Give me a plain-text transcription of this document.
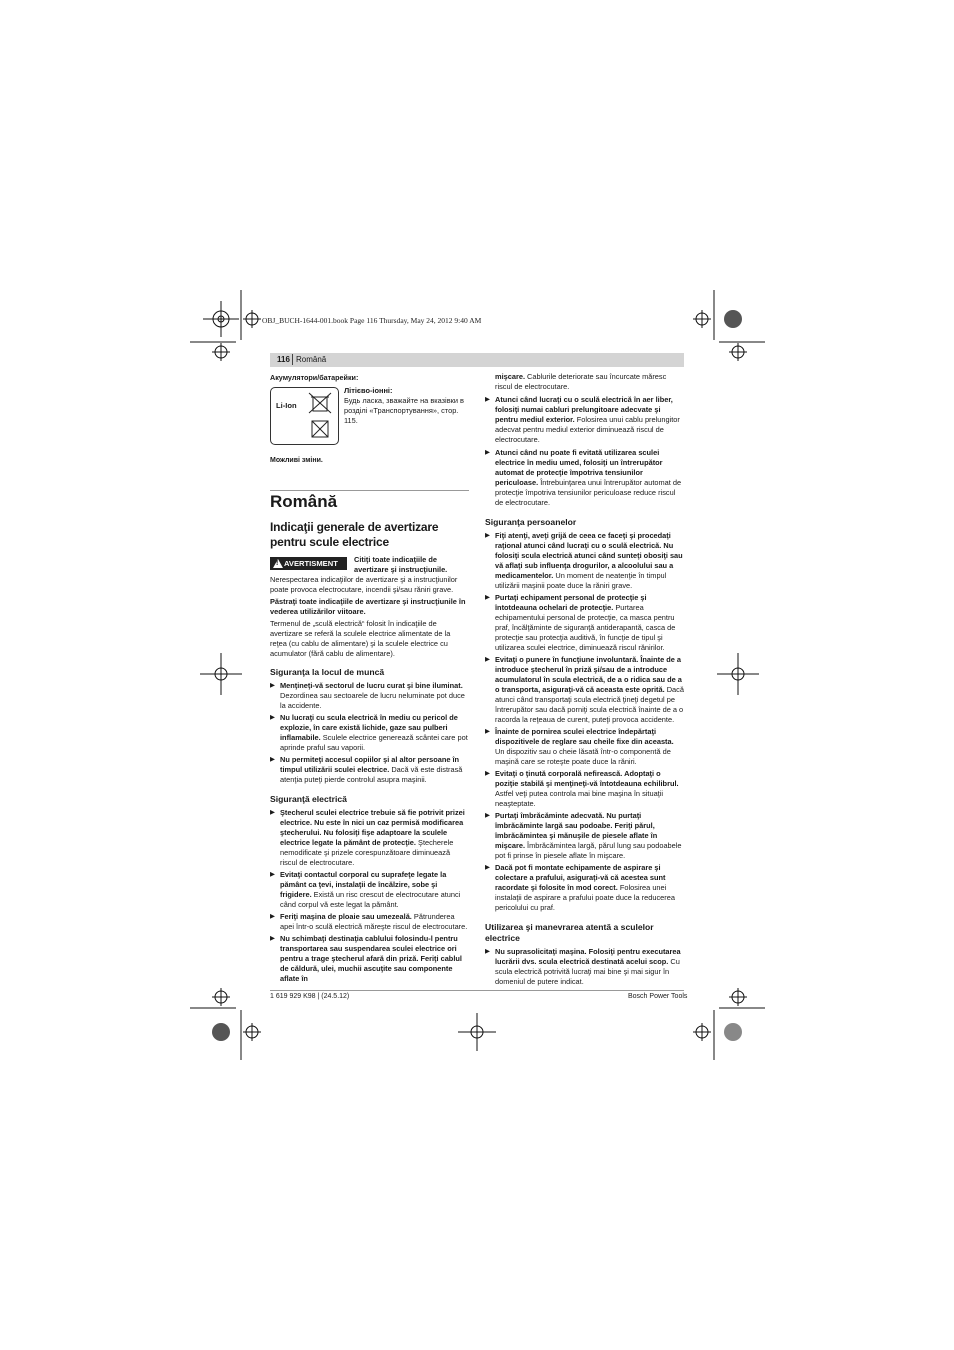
OBJ_BUCH-1644-001.book Page 116 Thursday, May 24, 2012 9:40 AM
116 Română

Акумулятори/батарейки:

Li-Ion

Літієво-іонні:

Будь ласка, зважайте на вказівки в розділі «Транспортування», стор. 115.

Можливі зміни.

Română
Indicaţii generale de avertizare pentru scule electrice
! AVERTISMENT Citiţi toate indicaţiile de avertizare şi instrucţiunile.

Nerespectarea indicaţiilor de avertizare şi a instrucţiunilor poate provoca electrocutare, incendii şi/sau răniri grave.

Păstraţi toate indicaţiile de avertizare şi instrucţiunile în vederea utilizărilor viitoare.

Termenul de „sculă electrică“ folosit în indicaţiile de avertizare se referă la sculele electrice alimentate de la reţea (cu cablu de alimentare) şi la sculele electrice cu acumulator (fără cablu de alimentare).

Siguranţa la locul de muncă

▶ Menţineţi-vă sectorul de lucru curat şi bine iluminat. Dezordinea sau sectoarele de lucru neluminate pot duce la accidente.

▶ Nu lucraţi cu scula electrică în mediu cu pericol de explozie, în care există lichide, gaze sau pulberi inflamabile. Sculele electrice generează scântei care pot aprinde praful sau vaporii.

▶ Nu permiteţi accesul copiilor şi al altor persoane în timpul utilizării sculei electrice. Dacă vă este distrasă atenţia puteţi pierde controlul asupra maşinii.

Siguranţă electrică

▶ Ştecherul sculei electrice trebuie să fie potrivit prizei electrice. Nu este în nici un caz permisă modificarea ştecherului. Nu folosiţi fişe adaptoare la sculele electrice legate la pământ de protecţie. Ştecherele nemodificate şi prizele corespunzătoare diminuează riscul de electrocutare.

▶ Evitaţi contactul corporal cu suprafeţe legate la pământ ca ţevi, instalaţii de încălzire, sobe şi frigidere. Există un risc crescut de electrocutare atunci când corpul vă este legat la pământ.

▶ Feriţi maşina de ploaie sau umezeală. Pătrunderea apei într-o sculă electrică măreşte riscul de electrocutare.

▶ Nu schimbaţi destinaţia cablului folosindu-l pentru transportarea sau suspendarea sculei electrice ori pentru a trage ştecherul afară din priză. Feriţi cablul de căldură, ulei, muchii ascuţite sau componente aflate în

mişcare. Cablurile deteriorate sau încurcate măresc riscul de electrocutare.

▶ Atunci când lucraţi cu o sculă electrică în aer liber, folosiţi numai cabluri prelungitoare adecvate şi pentru mediul exterior. Folosirea unui cablu prelungitor adecvat pentru mediul exterior diminuează riscul de electrocutare.

▶ Atunci când nu poate fi evitată utilizarea sculei electrice în mediu umed, folosiţi un întrerupător automat de protecţie împotriva tensiunilor periculoase. Întrebuinţarea unui întrerupător automat de protecţie împotriva tensiunilor periculoase reduce riscul de electrocutare.

Siguranţa persoanelor

▶ Fiţi atenţi, aveţi grijă de ceea ce faceţi şi procedaţi raţional atunci când lucraţi cu o sculă electrică. Nu folosiţi scula electrică atunci când sunteţi obosiţi sau vă aflaţi sub influenţa drogurilor, a alcoolului sau a medicamentelor. Un moment de neatenţie în timpul utilizării maşinii poate duce la răniri grave.

▶ Purtaţi echipament personal de protecţie şi întotdeauna ochelari de protecţie. Purtarea echipamentului personal de protecţie, ca masca pentru praf, încălţăminte de siguranţă antiderapantă, casca de protecţie sau protecţia auditivă, în funcţie de tipul şi utilizarea sculei electrice, diminuează riscul rănirilor.

▶ Evitaţi o punere în funcţiune involuntară. Înainte de a introduce ştecherul în priză şi/sau de a introduce acumulatorul în scula electrică, de a o ridica sau de a o transporta, asiguraţi-vă că aceasta este oprită. Dacă atunci când transportaţi scula electrică ţineţi degetul pe întrerupător sau dacă porniţi scula electrică înainte de a o racorda la reţeaua de curent, puteţi provoca accidente.

▶ Înainte de pornirea sculei electrice îndepărtaţi dispozitivele de reglare sau cheile fixe din aceasta. Un dispozitiv sau o cheie lăsată într-o componentă de maşină care se roteşte poate duce la răniri.

▶ Evitaţi o ţinută corporală nefirească. Adoptaţi o poziţie stabilă şi menţineţi-vă întotdeauna echilibrul. Astfel veţi putea controla mai bine maşina în situaţii neaşteptate.

▶ Purtaţi îmbrăcăminte adecvată. Nu purtaţi îmbrăcăminte largă sau podoabe. Feriţi părul, îmbrăcămintea şi mănuşile de piesele aflate în mişcare. Îmbrăcămintea largă, părul lung sau podoabele pot fi prinse în piesele aflate în mişcare.

▶ Dacă pot fi montate echipamente de aspirare şi colectare a prafului, asiguraţi-vă că acestea sunt racordate şi folosite în mod corect. Folosirea unei instalaţii de aspirare a prafului poate duce la reducerea pericolului cu praf.

Utilizarea şi manevrarea atentă a sculelor electrice

▶ Nu suprasolicitaţi maşina. Folosiţi pentru executarea lucrării dvs. scula electrică destinată acelui scop. Cu scula electrică potrivită lucraţi mai bine şi mai sigur în domeniul de putere indicat.

1 619 929 K98 | (24.5.12)	Bosch Power Tools
